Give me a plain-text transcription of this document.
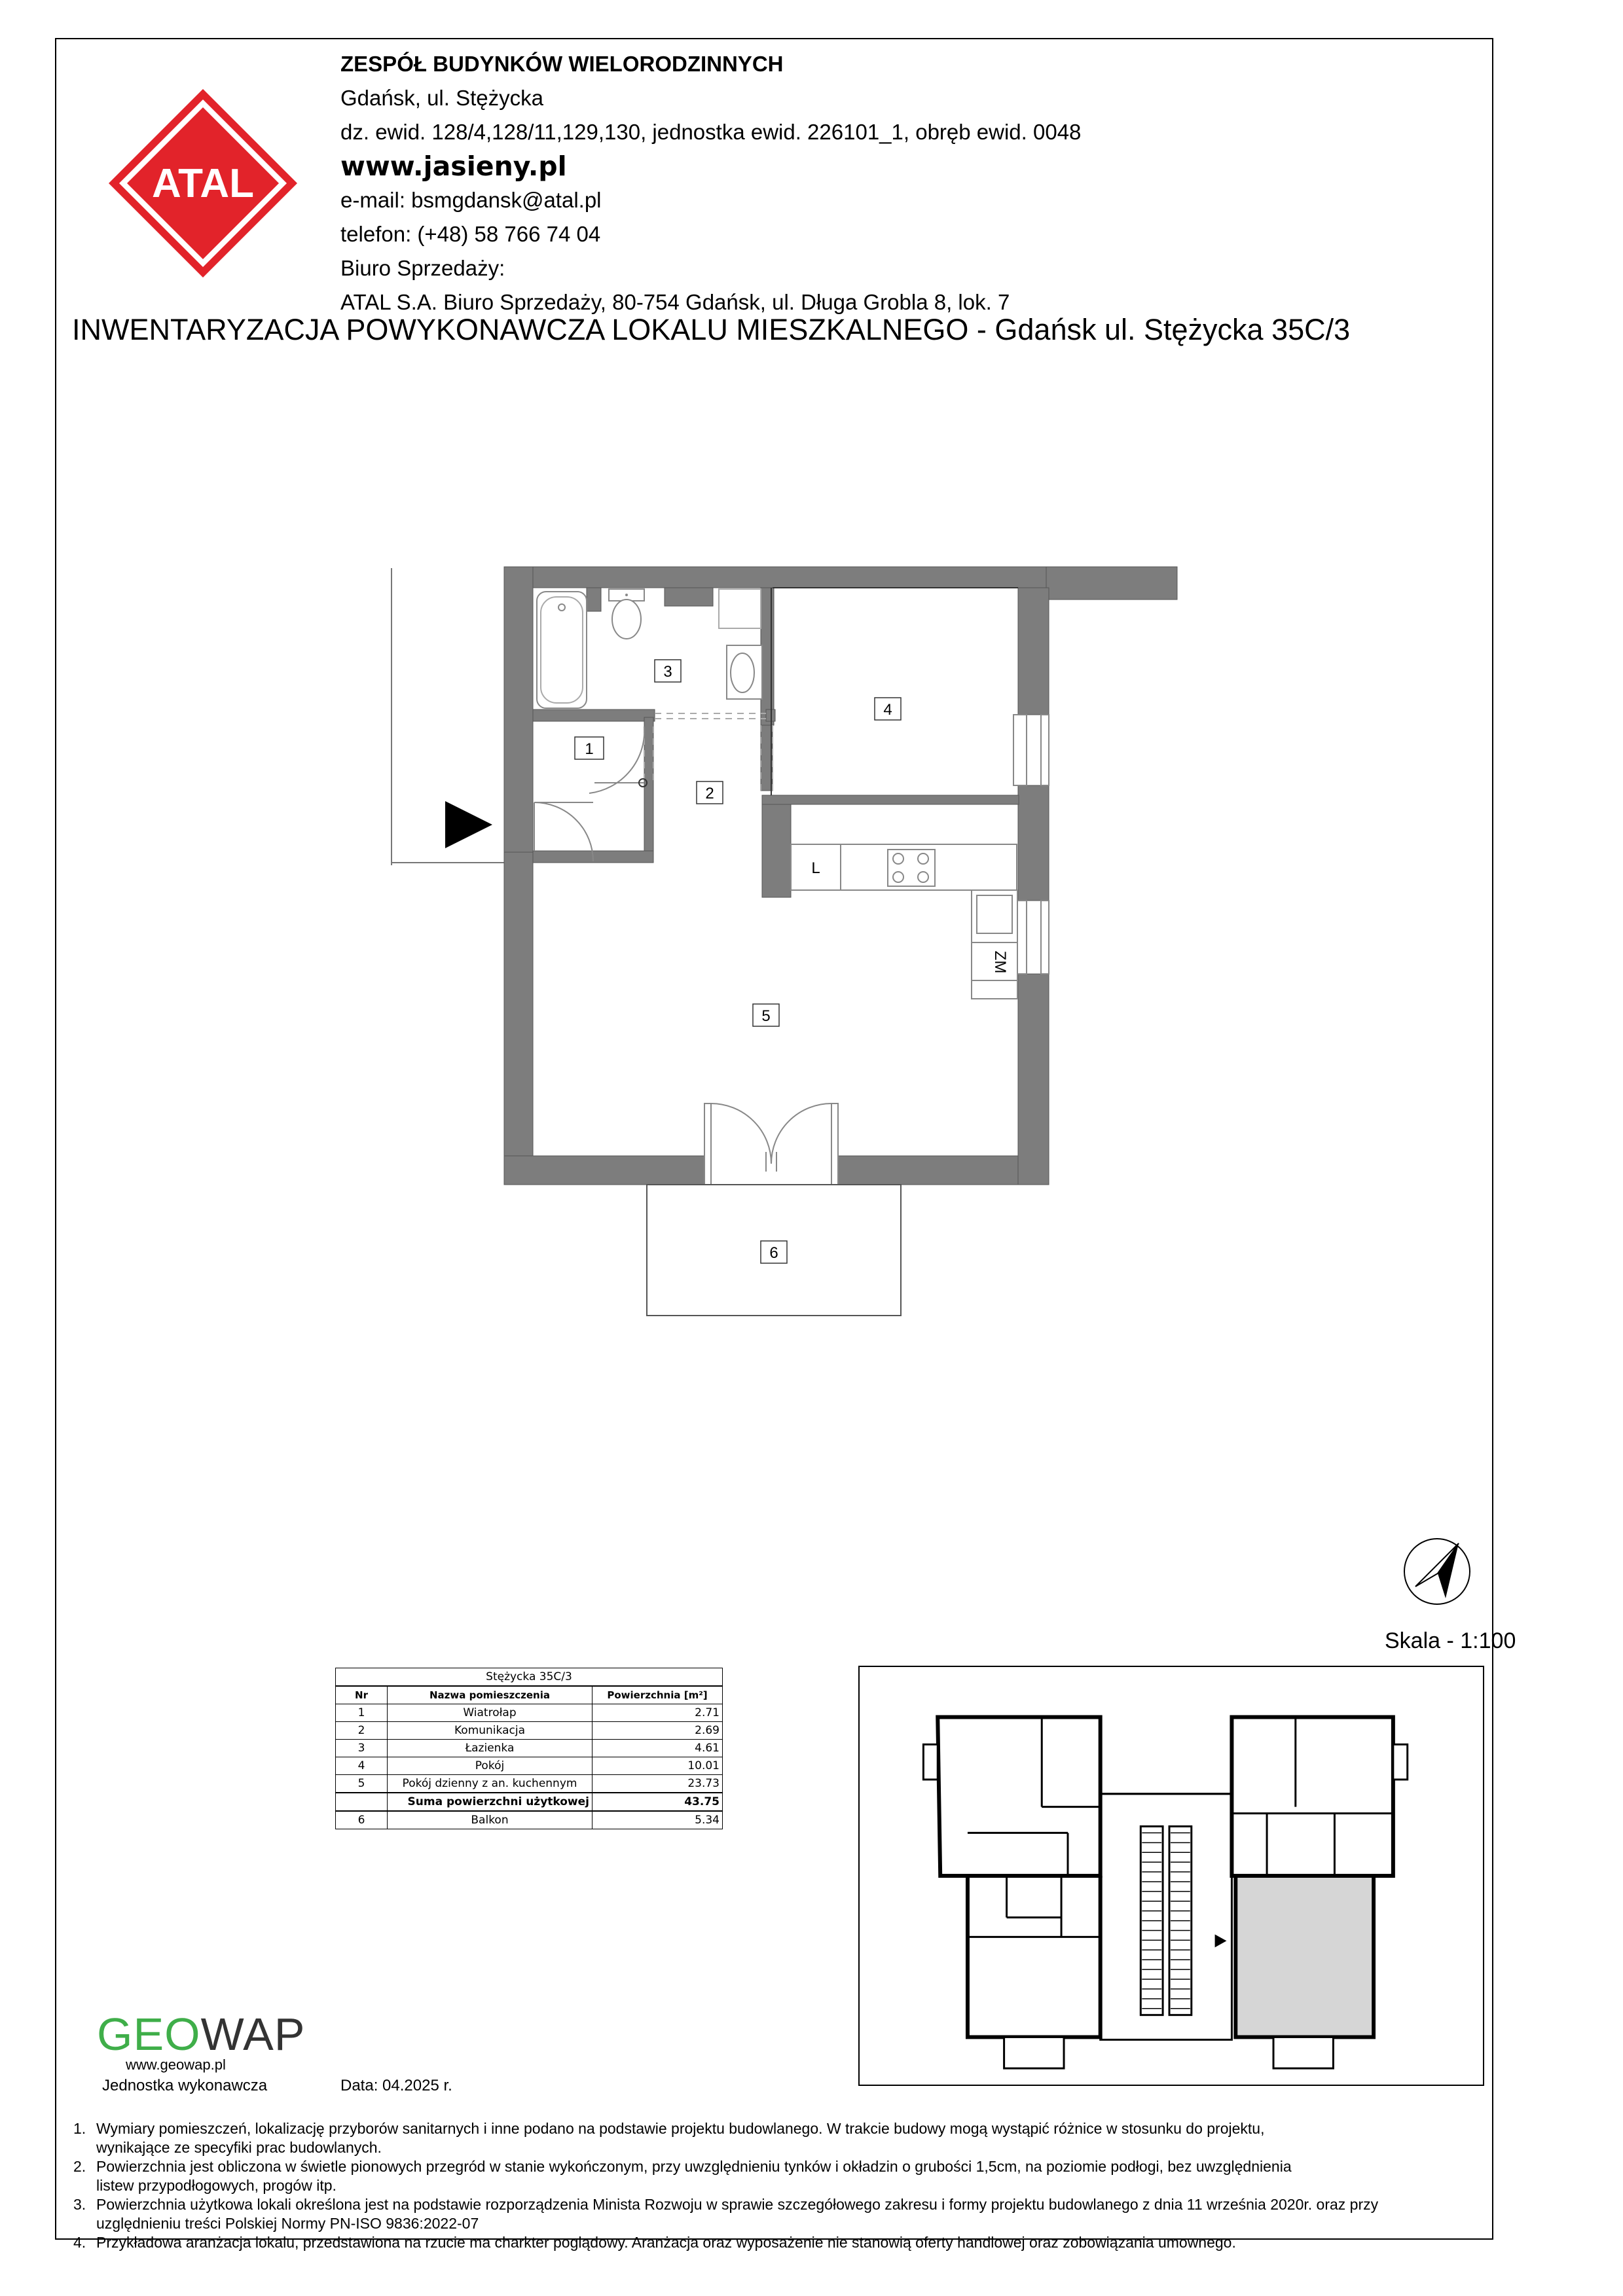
ATAL
ZESPÓŁ BUDYNKÓW WIELORODZINNYCH
Gdańsk, ul. Stężycka
dz. ewid. 128/4,128/11,129,130, jednostka ewid. 226101_1, obręb ewid. 0048
www.jasieny.pl
e-mail: bsmgdansk@atal.pl
telefon: (+48) 58 766 74 04
Biuro Sprzedaży:
ATAL S.A. Biuro Sprzedaży, 80-754 Gdańsk, ul. Długa Grobla 8, lok. 7
INWENTARYZACJA POWYKONAWCZA LOKALU MIESZKALNEGO - Gdańsk ul. Stężycka 35C/3
L
ZM
1
2
3
4
5
6
Skala - 1:100
Stężycka 35C/3		
Nr	Nazwa pomieszczenia	Powierzchnia [m²]
1	Wiatrołap	2.71
2	Komunikacja	2.69
3	Łazienka	4.61
4	Pokój	10.01
5	Pokój dzienny z an. kuchennym	23.73
	Suma powierzchni użytkowej	43.75
6	Balkon	5.34
GEOWAP
www.geowap.pl
Jednostka wykonawcza	Data: 04.2025 r.
1. Wymiary pomieszczeń, lokalizację przyborów sanitarnych i inne podano na podstawie projektu budowlanego. W trakcie budowy mogą wystąpić różnice w stosunku do projektu,
wynikające ze specyfiki prac budowlanych.
2. Powierzchnia jest obliczona w świetle pionowych przegród w stanie wykończonym, przy uwzględnieniu tynków i okładzin o grubości 1,5cm, na poziomie podłogi, bez uwzględnienia
listew przypodłogowych, progów itp.
3. Powierzchnia użytkowa lokali określona jest na podstawie rozporządzenia Minista Rozwoju w sprawie szczegółowego zakresu i formy projektu budowlanego z dnia 11 września 2020r. oraz przy
uzględnieniu treści Polskiej Normy PN-ISO 9836:2022-07
4. Przykładowa aranżacja lokalu, przedstawiona na rzucie ma charkter poglądowy. Aranżacja oraz wyposażenie nie stanowią oferty handlowej oraz zobowiązania umownego.
